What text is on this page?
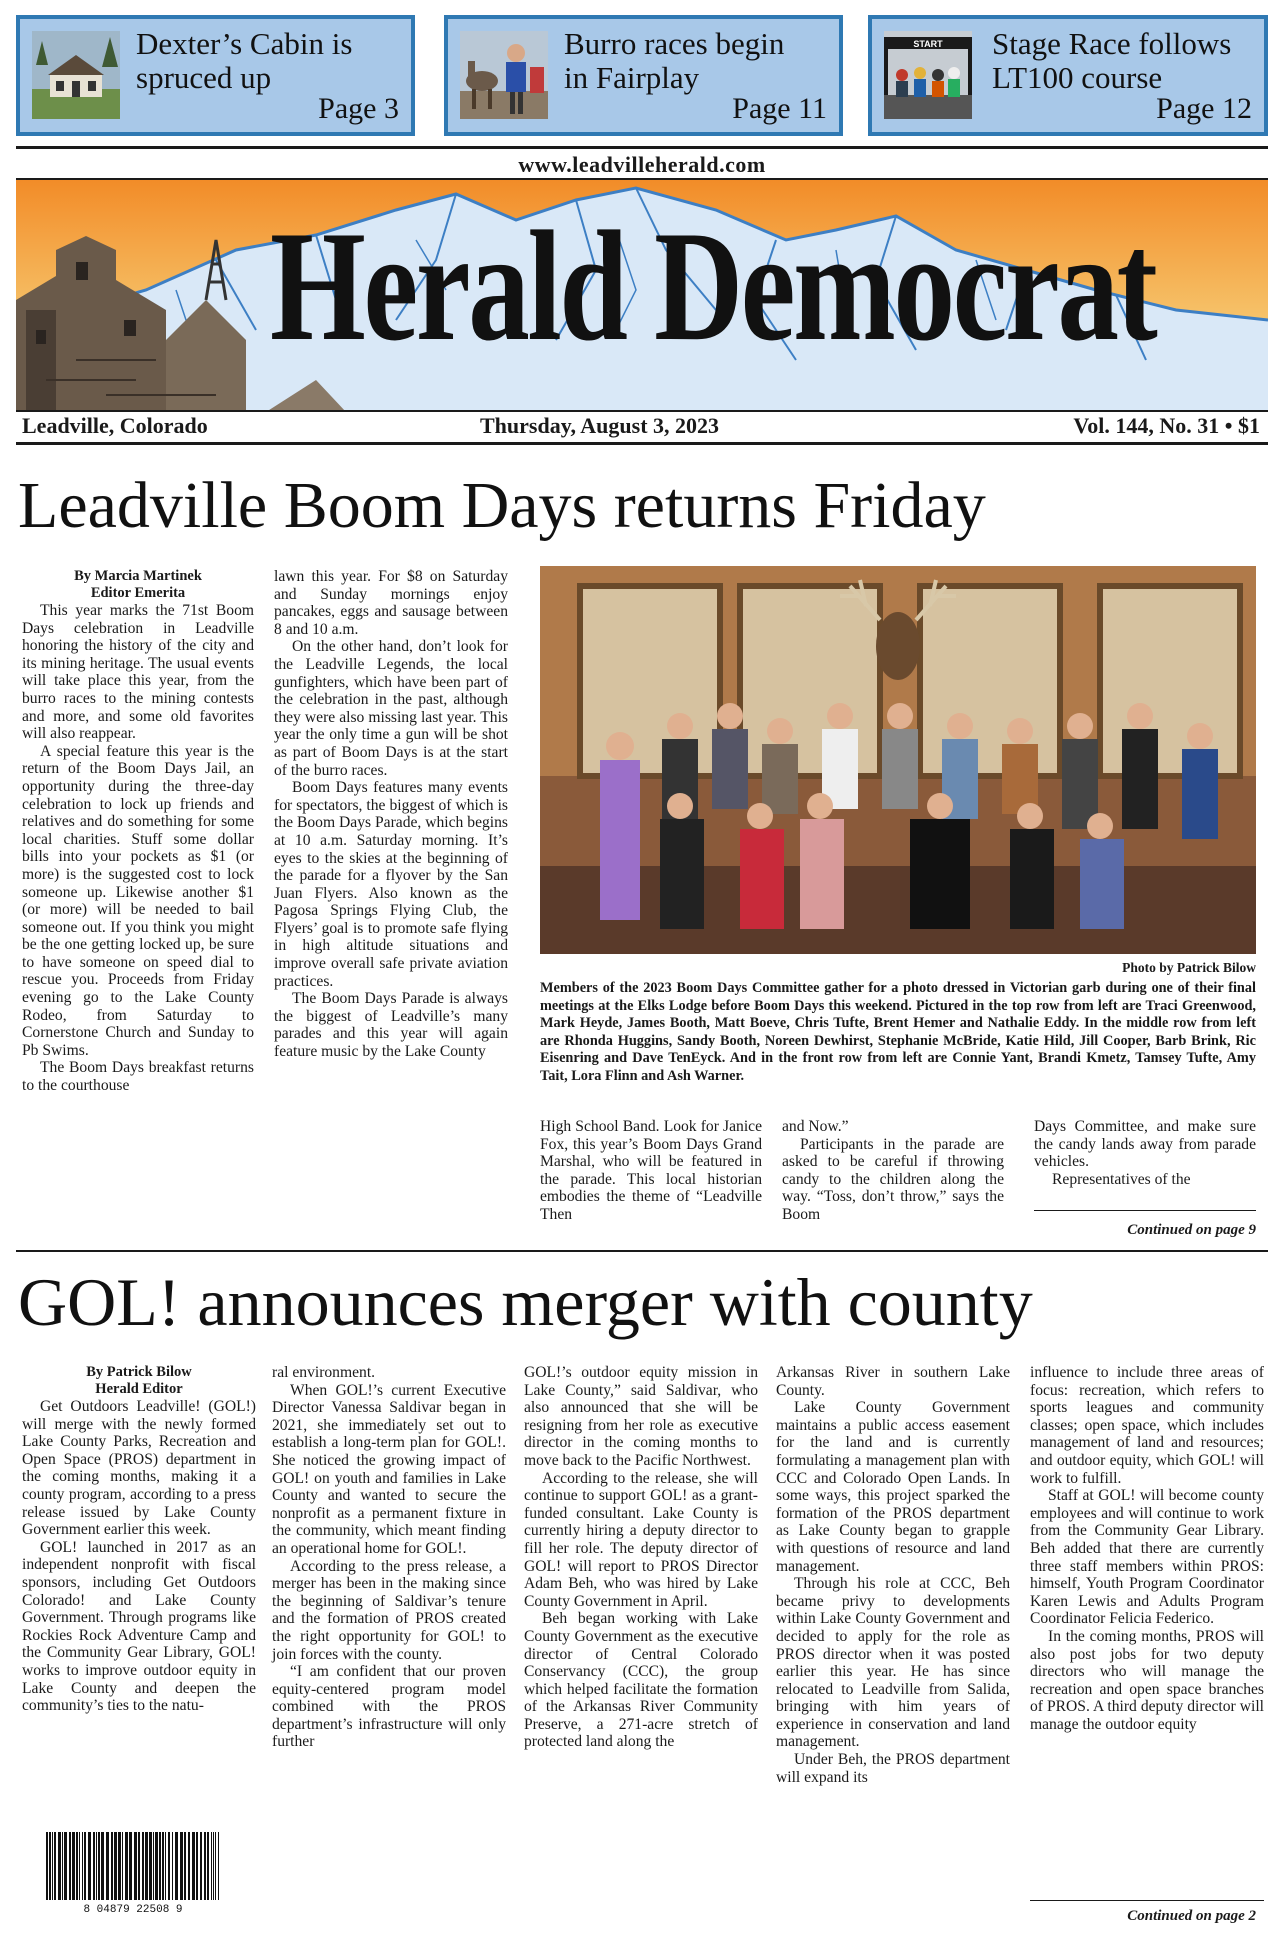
Dexter’s Cabin is spruced up
Page 3
Burro races begin in Fairplay
Page 11
START Stage Race follows LT100 course
Page 12
www.leadvilleherald.com
Herald Democrat
Leadville, Colorado	Thursday, August 3, 2023	Vol. 144, No. 31 • $1
Leadville Boom Days returns Friday
By Marcia Martinek
Editor Emerita

This year marks the 71st Boom Days celebration in Leadville honoring the history of the city and its mining heritage. The usual events will take place this year, from the burro races to the mining contests and more, and some old favorites will also reappear.

A special feature this year is the return of the Boom Days Jail, an opportunity during the three-day celebration to lock up friends and relatives and do something for some local charities. Stuff some dollar bills into your pockets as $1 (or more) is the suggested cost to lock someone up. Likewise another $1 (or more) will be needed to bail someone out. If you think you might be the one getting locked up, be sure to have someone on speed dial to rescue you. Proceeds from Friday evening go to the Lake County Rodeo, from Saturday to Cornerstone Church and Sunday to Pb Swims.

The Boom Days breakfast returns to the courthouse

lawn this year. For $8 on Saturday and Sunday mornings enjoy pancakes, eggs and sausage between 8 and 10 a.m.

On the other hand, don’t look for the Leadville Legends, the local gunfighters, which have been part of the celebration in the past, although they were also missing last year. This year the only time a gun will be shot as part of Boom Days is at the start of the burro races.

Boom Days features many events for spectators, the biggest of which is the Boom Days Parade, which begins at 10 a.m. Saturday morning. It’s eyes to the skies at the beginning of the parade for a flyover by the San Juan Flyers. Also known as the Pagosa Springs Flying Club, the Flyers’ goal is to promote safe flying in high altitude situations and improve overall safe private aviation practices.

The Boom Days Parade is always the biggest of Leadville’s many parades and this year will again feature music by the Lake County

Photo by Patrick Bilow
Members of the 2023 Boom Days Committee gather for a photo dressed in Victorian garb during one of their final meetings at the Elks Lodge before Boom Days this weekend. Pictured in the top row from left are Traci Greenwood, Mark Heyde, James Booth, Matt Boeve, Chris Tufte, Brent Hemer and Nathalie Eddy. In the middle row from left are Rhonda Huggins, Sandy Booth, Noreen Dewhirst, Stephanie McBride, Katie Hild, Jill Cooper, Barb Brink, Ric Eisenring and Dave TenEyck. And in the front row from left are Connie Yant, Brandi Kmetz, Tamsey Tufte, Amy Tait, Lora Flinn and Ash Warner.

High School Band. Look for Janice Fox, this year’s Boom Days Grand Marshal, who will be featured in the parade. This local historian embodies the theme of “Leadville Then

and Now.”

Participants in the parade are asked to be careful if throwing candy to the children along the way. “Toss, don’t throw,” says the Boom

Days Committee, and make sure the candy lands away from parade vehicles.

Representatives of the

Continued on page 9
GOL! announces merger with county
By Patrick Bilow
Herald Editor

Get Outdoors Leadville! (GOL!) will merge with the newly formed Lake County Parks, Recreation and Open Space (PROS) department in the coming months, making it a county program, according to a press release issued by Lake County Government earlier this week.

GOL! launched in 2017 as an independent nonprofit with fiscal sponsors, including Get Outdoors Colorado! and Lake County Government. Through programs like Rockies Rock Adventure Camp and the Community Gear Library, GOL! works to improve outdoor equity in Lake County and deepen the community’s ties to the natu-

ral environment.

When GOL!’s current Executive Director Vanessa Saldivar began in 2021, she immediately set out to establish a long-term plan for GOL!. She noticed the growing impact of GOL! on youth and families in Lake County and wanted to secure the nonprofit as a permanent fixture in the community, which meant finding an operational home for GOL!.

According to the press release, a merger has been in the making since the beginning of Saldivar’s tenure and the formation of PROS created the right opportunity for GOL! to join forces with the county.

“I am confident that our proven equity-centered program model combined with the PROS department’s infrastructure will only further

GOL!’s outdoor equity mission in Lake County,” said Saldivar, who also announced that she will be resigning from her role as executive director in the coming months to move back to the Pacific Northwest.

According to the release, she will continue to support GOL! as a grant-funded consultant. Lake County is currently hiring a deputy director to fill her role. The deputy director of GOL! will report to PROS Director Adam Beh, who was hired by Lake County Government in April.

Beh began working with Lake County Government as the executive director of Central Colorado Conservancy (CCC), the group which helped facilitate the formation of the Arkansas River Community Preserve, a 271-acre stretch of protected land along the

Arkansas River in southern Lake County.

Lake County Government maintains a public access easement for the land and is currently formulating a management plan with CCC and Colorado Open Lands. In some ways, this project sparked the formation of the PROS department as Lake County began to grapple with questions of resource and land management.

Through his role at CCC, Beh became privy to developments within Lake County Government and decided to apply for the role as PROS director when it was posted earlier this year. He has since relocated to Leadville from Salida, bringing with him years of experience in conservation and land management.

Under Beh, the PROS department will expand its

influence to include three areas of focus: recreation, which refers to sports leagues and community classes; open space, which includes management of land and resources; and outdoor equity, which GOL! will work to fulfill.

Staff at GOL! will become county employees and will continue to work from the Community Gear Library. Beh added that there are currently three staff members within PROS: himself, Youth Program Coordinator Karen Lewis and Adults Program Coordinator Felicia Federico.

In the coming months, PROS will also post jobs for two deputy directors who will manage the recreation and open space branches of PROS. A third deputy director will manage the outdoor equity

Continued on page 2
8 04879 22508 9
